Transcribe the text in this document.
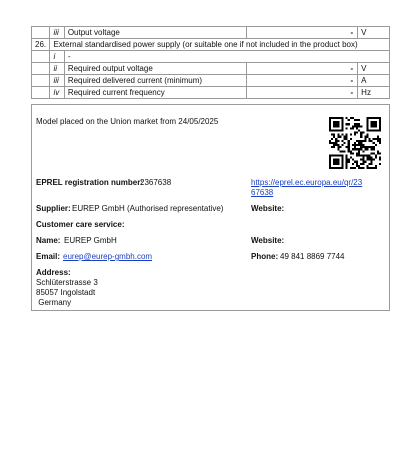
	iii	Output voltage	-	V
26.	External standardised power supply (or suitable one if not included in the product box)			
	i	-		
	ii	Required output voltage	-	V
	iii	Required delivered current (minimum)	-	A
	iv	Required current frequency	-	Hz
Model placed on the Union market from 24/05/2025
EPREL registration number:
2367638	https://eprel.ec.europa.eu/qr/23
67638
Supplier: EUREP GmbH (Authorised representative)	Website:
Customer care service:
Name: EUREP GmbH	Website:
Email: eurep@eurep-gmbh.com	Phone: 49 841 8869 7744
Address:
Schlüterstrasse 3
85057 Ingolstadt
Germany
